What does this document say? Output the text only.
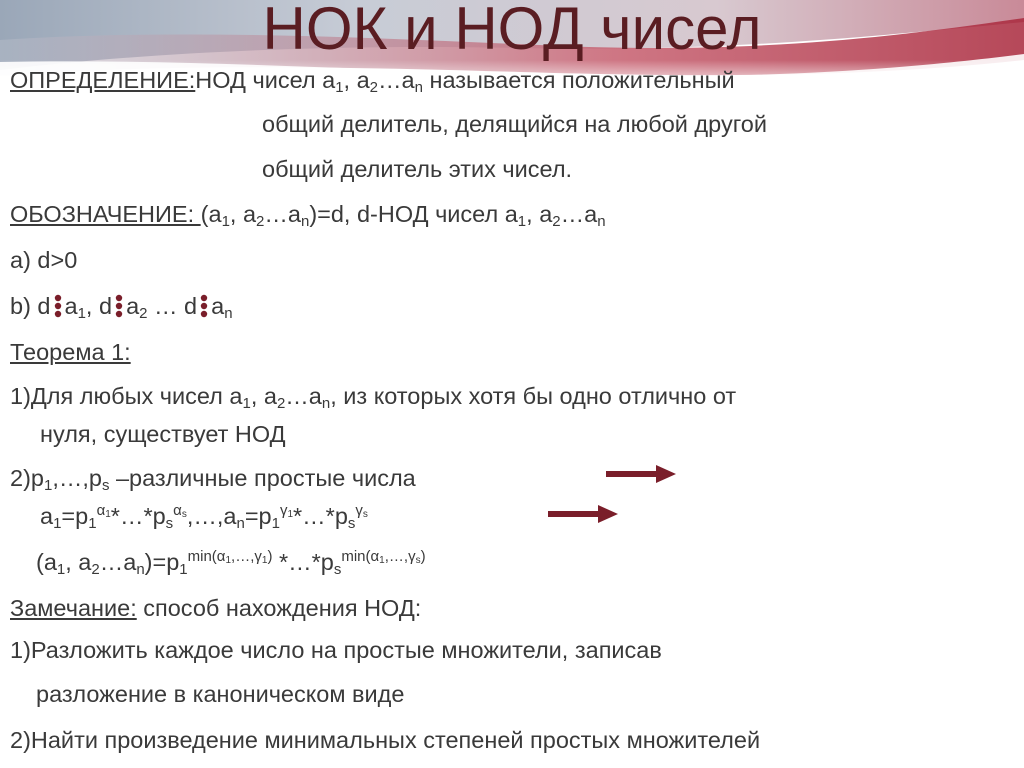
НОК и НОД чисел
ОПРЕДЕЛЕНИЕ:НОД чисел $a_1$, $a_2\dots a_n$ называется положительный
общий делитель, делящийся на любой другой
общий делитель этих чисел.
ОБОЗНАЧЕНИЕ: ($a_1$, $a_2\dots a_n)=d$, d-НОД чисел $a_1$, $a_2\dots a_n$
a) d>0
b) d $a_1$, d $a_2$ … d $a_n$
Теорема 1:
1)Для любых чисел $a_1$, $a_2\dots a_n$, из которых хотя бы одно отлично от
нуля, существует НОД
$2)p_1,\dots,p_s$ –различные простые числа
$a_1=p_1^{\alpha_1}*\dots*p_s^{\alpha_s},\dots,a_n=p_1^{\gamma_1}*\dots*p_s^{\gamma_s}$
($a_1$, $a_2\dots a_n)=p_1^{min(\alpha_1,\dots,\gamma_1)}$ $*\dots*p_s^{min(\alpha_1,\dots,\gamma_s)}$
Замечание: способ нахождения НОД:
1)Разложить каждое число на простые множители, записав
разложение в каноническом виде
2)Найти произведение минимальных степеней простых множителей
